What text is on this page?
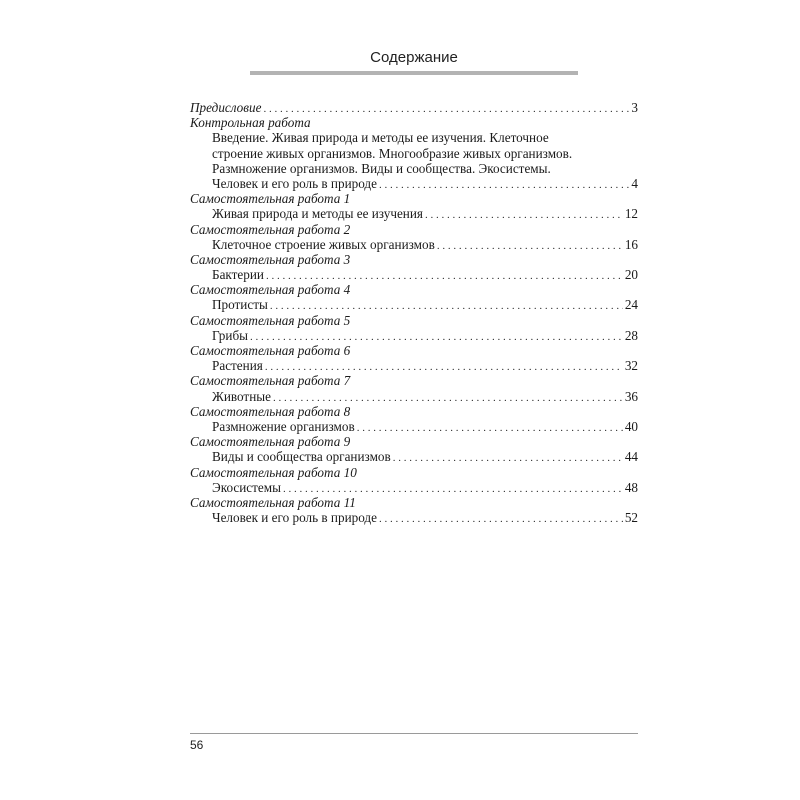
Содержание
Предисловие . . .	3
Контрольная работа
Введение. Живая природа и методы ее изучения. Клеточное
строение живых организмов. Многообразие живых организмов.
Размножение организмов. Виды и сообщества. Экосистемы.
Человек и его роль в природе . . .	4
Самостоятельная работа 1
Живая природа и методы ее изучения . . .	12
Самостоятельная работа 2
Клеточное строение живых организмов . . .	16
Самостоятельная работа 3
Бактерии . . .	20
Самостоятельная работа 4
Протисты . . .	24
Самостоятельная работа 5
Грибы . . .	28
Самостоятельная работа 6
Растения . . .	32
Самостоятельная работа 7
Животные . . .	36
Самостоятельная работа 8
Размножение организмов . . .	40
Самостоятельная работа 9
Виды и сообщества организмов . . .	44
Самостоятельная работа 10
Экосистемы . . .	48
Самостоятельная работа 11
Человек и его роль в природе . . .	52
56
